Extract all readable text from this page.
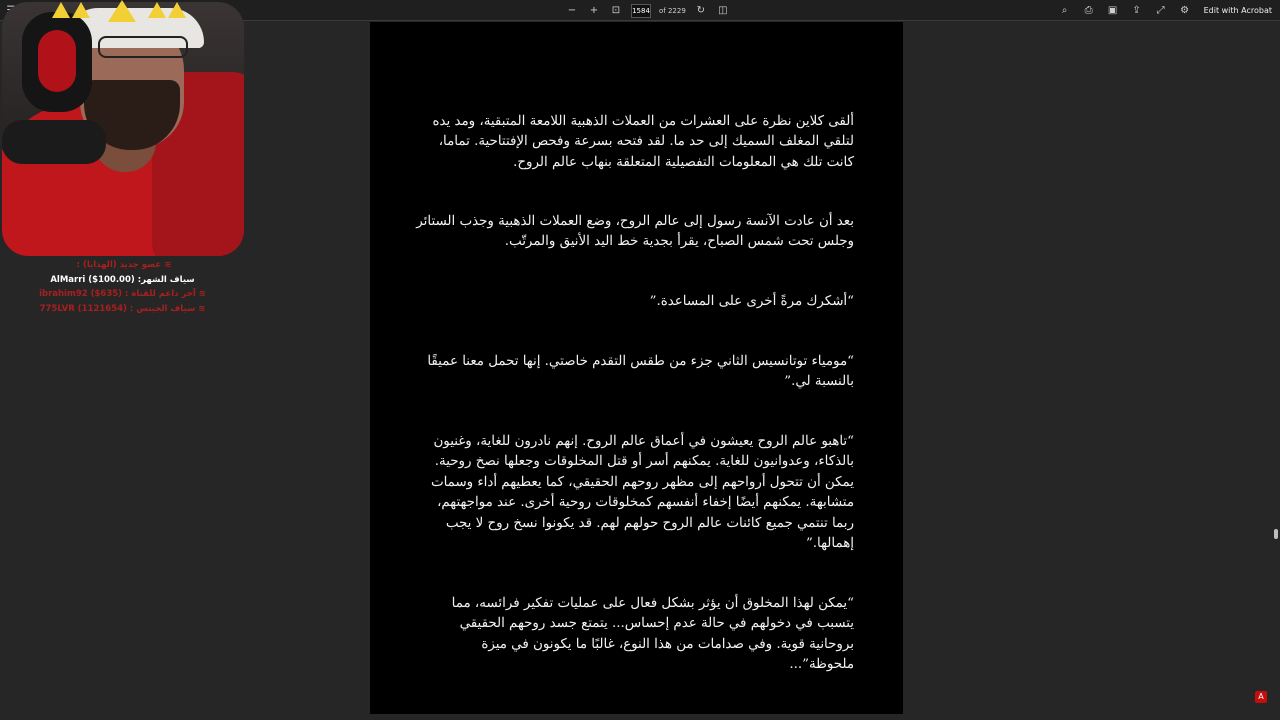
− + ⊡	1584 of 2229 ↻ ◫	⌕	⎙	▣ ⇪	⤢	⚙	Edit with Acrobat

ألقى كلاين نظرة على العشرات من العملات الذهبية اللامعة المتبقية، ومد يده لتلقي المغلف السميك إلى حد ما. لقد فتحه بسرعة وفحص الإفتتاحية. تماما، كانت تلك هي المعلومات التفصيلية المتعلقة بنهاب عالم الروح.

بعد أن عادت الآنسة رسول إلى عالم الروح، وضع العملات الذهبية وجذب الستائر وجلس تحت شمس الصباح، يقرأ بجدية خط اليد الأنيق والمرتّب.

“أشكرك مرةً أخرى على المساعدة.”

“مومياء توتانسيس الثاني جزء من طقس التقدم خاصتي. إنها تحمل معنا عميقًا بالنسبة لي.”

“تاهبو عالم الروح يعيشون في أعماق عالم الروح. إنهم نادرون للغاية، وغنيون بالذكاء، وعدوانيون للغاية. يمكنهم أسر أو قتل المخلوقات وجعلها نصخ روحية. يمكن أن تتحول أرواحهم إلى مظهر روحهم الحقيقي، كما يعطيهم أداء وسمات متشابهة. يمكنهم أيضًا إخفاء أنفسهم كمخلوقات روحية أخرى. عند مواجهتهم، ربما تنتمي جميع كائنات عالم الروح حولهم لهم. قد يكونوا نسخ روح لا يجب إهمالها.”

“يمكن لهذا المخلوق أن يؤثر بشكل فعال على عمليات تفكير فرائسه، مما يتسبب في دخولهم في حالة عدم إحساس... يتمتع جسد روحهم الحقيقي بروحانية قوية. وفي صدامات من هذا النوع، غالبًا ما يكونون في ميزة ملحوظة”...

A
≋ عضو جديد (الهدايا) : ‏
سياف الشهر: AlMarri ($100.00)
≋ آخر داعم للقناة : (635$) ibrahim92
≋ سياف الجيتس : (1121654) 775LVR
